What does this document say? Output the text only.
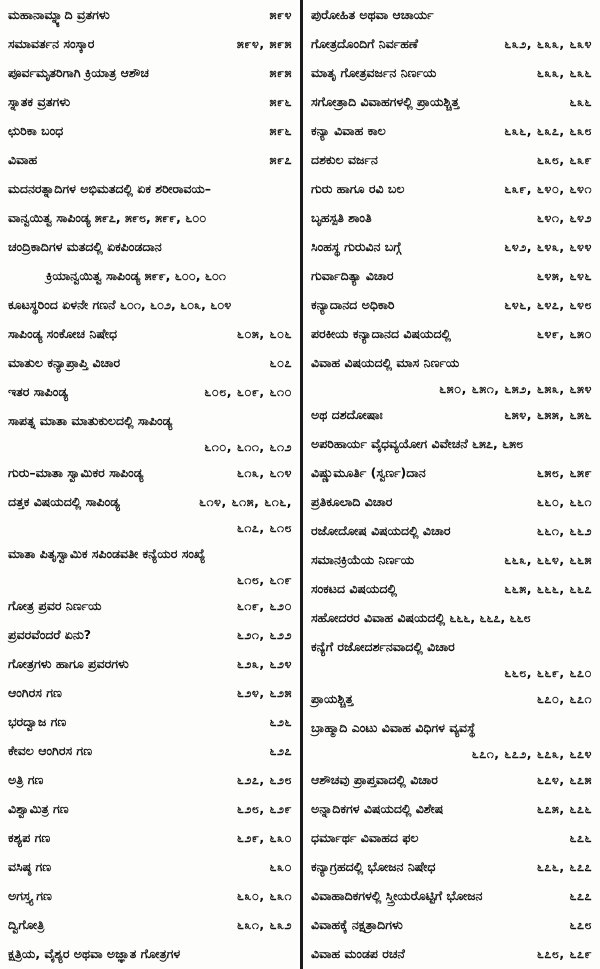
ಮಹಾನಾಮ್ನ್ಯಾದಿ ವ್ರತಗಳು	೫೯೪
ಸಮಾವರ್ತನ ಸಂಸ್ಕಾರ	೫೯೪, ೫೯೫
ಪೂರ್ವಮೃತರಿಗಾಗಿ ಕ್ರಿಯಾತ್ರ ಆಶೌಚ	೫೯೫
ಸ್ನಾತಕ ವ್ರತಗಳು	೫೯೬
ಛುರಿಕಾ ಬಂಧ	೫೯೬
ವಿವಾಹ	೫೯೭
ಮದನರತ್ನಾದಿಗಳ ಅಭಿಮತದಲ್ಲಿ ಏಕ ಶರೀರಾವಯ–
ವಾನ್ವಯಿತ್ವ ಸಾಪಿಂಡ್ಯ ೫೯೭, ೫೯೮, ೫೯೯, ೬೦೦
ಚಂದ್ರಿಕಾದಿಗಳ ಮತದಲ್ಲಿ ಏಕಪಿಂಡದಾನ
ಕ್ರಿಯಾನ್ವಯಿತ್ವ ಸಾಪಿಂಡ್ಯ ೫೯೯, ೬೦೦, ೬೦೧
ಕೂಟಸ್ಥರಿಂದ ಏಳನೇ ಗಣನೆ ೬೦೧, ೬೦೨, ೬೦೩, ೬೦೪
ಸಾಪಿಂಡ್ಯ ಸಂಕೋಚ ನಿಷೇಧ	೬೦೫, ೬೦೬
ಮಾತುಲ ಕನ್ಯಾಪ್ರಾಪ್ತಿ ವಿಚಾರ	೬೦೭
ಇತರ ಸಾಪಿಂಡ್ಯ	೬೦೮, ೬೦೯, ೬೧೦
ಸಾಪತ್ನ ಮಾತಾ ಮಾತುಕುಲದಲ್ಲಿ ಸಾಪಿಂಡ್ಯ
೬೧೦, ೬೧೧, ೬೧೨
ಗುರು–ಮಾತಾ ಸ್ವಾಮಿಕರ ಸಾಪಿಂಡ್ಯ	೬೧೩, ೬೧೪
ದತ್ತಕ ವಿಷಯದಲ್ಲಿ ಸಾಪಿಂಡ್ಯ	೬೧೪, ೬೧೫, ೬೧೬,
೬೧೭, ೬೧೮
ಮಾತಾ ಪಿತೃಸ್ವಾಮಿಕ ಸಪಿಂಡವತೀ ಕನ್ಯೆಯರ ಸಂಖ್ಯೆ
೬೧೮, ೬೧೯
ಗೋತ್ರ ಪ್ರವರ ನಿರ್ಣಯ	೬೧೯, ೬೨೦
ಪ್ರವರವೆಂದರೆ ಏನು?	೬೨೧, ೬೨೨
ಗೋತ್ರಗಳು ಹಾಗೂ ಪ್ರವರಗಳು	೬೨೩, ೬೨೪
ಆಂಗಿರಸ ಗಣ	೬೨೪, ೬೨೫
ಭರದ್ವಾಜ ಗಣ	೬೨೬
ಕೇವಲ ಆಂಗಿರಸ ಗಣ	೬೨೭
ಅತ್ರಿ ಗಣ	೬೨೭, ೬೨೮
ವಿಶ್ವಾಮಿತ್ರ ಗಣ	೬೨೮, ೬೨೯
ಕಶ್ಯಪ ಗಣ	೬೨೯, ೬೩೦
ವಸಿಷ್ಠ ಗಣ	೬೩೦
ಅಗಸ್ತ್ಯ ಗಣ	೬೩೦, ೬೩೧
ದ್ವಿಗೋತ್ರಿ	೬೩೧, ೬೩೨
ಕ್ಷತ್ರಿಯ, ವೈಶ್ಯರ ಅಥವಾ ಅಜ್ಞಾತ ಗೋತ್ರಗಳ
ಪುರೋಹಿತ ಅಥವಾ ಆಚಾರ್ಯ
ಗೋತ್ರದೊಂದಿಗೆ ನಿರ್ವಹಣೆ	೬೩೨, ೬೩೩, ೬೩೪
ಮಾತೃ ಗೋತ್ರವರ್ಜನ ನಿರ್ಣಯ	೬೩೩, ೬೩೬
ಸಗೋತ್ರಾದಿ ವಿವಾಹಗಳಲ್ಲಿ ಪ್ರಾಯಶ್ಚಿತ್ತ	೬೩೬
ಕನ್ಯಾ ವಿವಾಹ ಕಾಲ	೬೩೬, ೬೩೭, ೬೩೮
ದಶಕುಲ ವರ್ಜನ	೬೩೮, ೬೩೯
ಗುರು ಹಾಗೂ ರವಿ ಬಲ	೬೩೯, ೬೪೦, ೬೪೧
ಬೃಹಸ್ಪತಿ ಶಾಂತಿ	೬೪೧, ೬೪೨
ಸಿಂಹಸ್ಥ ಗುರುವಿನ ಬಗ್ಗೆ	೬೪೨, ೬೪೩, ೬೪೪
ಗುರ್ವಾದಿತ್ಯಾ ವಿಚಾರ	೬೪೫, ೬೪೬
ಕನ್ಯಾದಾನದ ಅಧಿಕಾರಿ	೬೪೬, ೬೪೭, ೬೪೮
ಪರಕೀಯ ಕನ್ಯಾದಾನದ ವಿಷಯದಲ್ಲಿ	೬೪೯, ೬೫೦
ವಿವಾಹ ವಿಷಯದಲ್ಲಿ ಮಾಸ ನಿರ್ಣಯ
೬೫೦, ೬೫೧, ೬೫೨, ೬೫೩, ೬೫೪
ಅಥ ದಶದೋಷಾಃ	೬೫೪, ೬೫೫, ೬೫೬
ಅಪರಿಹಾರ್ಯ ವೈಧವ್ಯಯೋಗ ವಿವೇಚನೆ ೬೫೭, ೬೫೮
ವಿಷ್ಣುಮೂರ್ತಿ (ಸ್ವರ್ಣ)ದಾನ	೬೫೮, ೬೫೯
ಪ್ರತಿಕೂಲಾದಿ ವಿಚಾರ	೬೬೦, ೬೬೧
ರಜೋದೋಷ ವಿಷಯದಲ್ಲಿ ವಿಚಾರ	೬೬೧, ೬೬೨
ಸಮಾನಕ್ರಿಯೆಯ ನಿರ್ಣಯ	೬೬೩, ೬೬೪, ೬೬೫
ಸಂಕಟದ ವಿಷಯದಲ್ಲಿ	೬೬೫, ೬೬೬, ೬೬೭
ಸಹೋದರರ ವಿವಾಹ ವಿಷಯದಲ್ಲಿ ೬೬೬, ೬೬೭, ೬೬೮
ಕನ್ಯೆಗೆ ರಜೋದರ್ಶನವಾದಲ್ಲಿ ವಿಚಾರ
೬೬೮, ೬೬೯, ೬೭೦
ಪ್ರಾಯಶ್ಚಿತ್ತ	೬೭೦, ೬೭೧
ಬ್ರಾಹ್ಮಾದಿ ಎಂಟು ವಿವಾಹ ವಿಧಿಗಳ ವ್ಯವಸ್ಥೆ
೬೭೧, ೬೭೨, ೬೭೩, ೬೭೪
ಆಶೌಚವು ಪ್ರಾಪ್ತವಾದಲ್ಲಿ ವಿಚಾರ	೬೭೪, ೬೭೫
ಅನ್ನಾದಿಕಗಳ ವಿಷಯದಲ್ಲಿ ವಿಶೇಷ	೬೭೫, ೬೭೬
ಧರ್ಮಾರ್ಥ ವಿವಾಹದ ಫಲ	೬೭೬
ಕನ್ಯಾಗ್ರಹದಲ್ಲಿ ಭೋಜನ ನಿಷೇಧ	೬೭೬, ೬೭೭
ವಿವಾಹಾದಿಕಗಳಲ್ಲಿ ಸ್ತ್ರೀಯರೊಟ್ಟಿಗೆ ಭೋಜನ	೬೭೭
ವಿವಾಹಕ್ಕೆ ನಕ್ಷತ್ರಾದಿಗಳು	೬೭೮
ವಿವಾಹ ಮಂಡಪ ರಚನೆ	೬೭೮, ೬೭೯
